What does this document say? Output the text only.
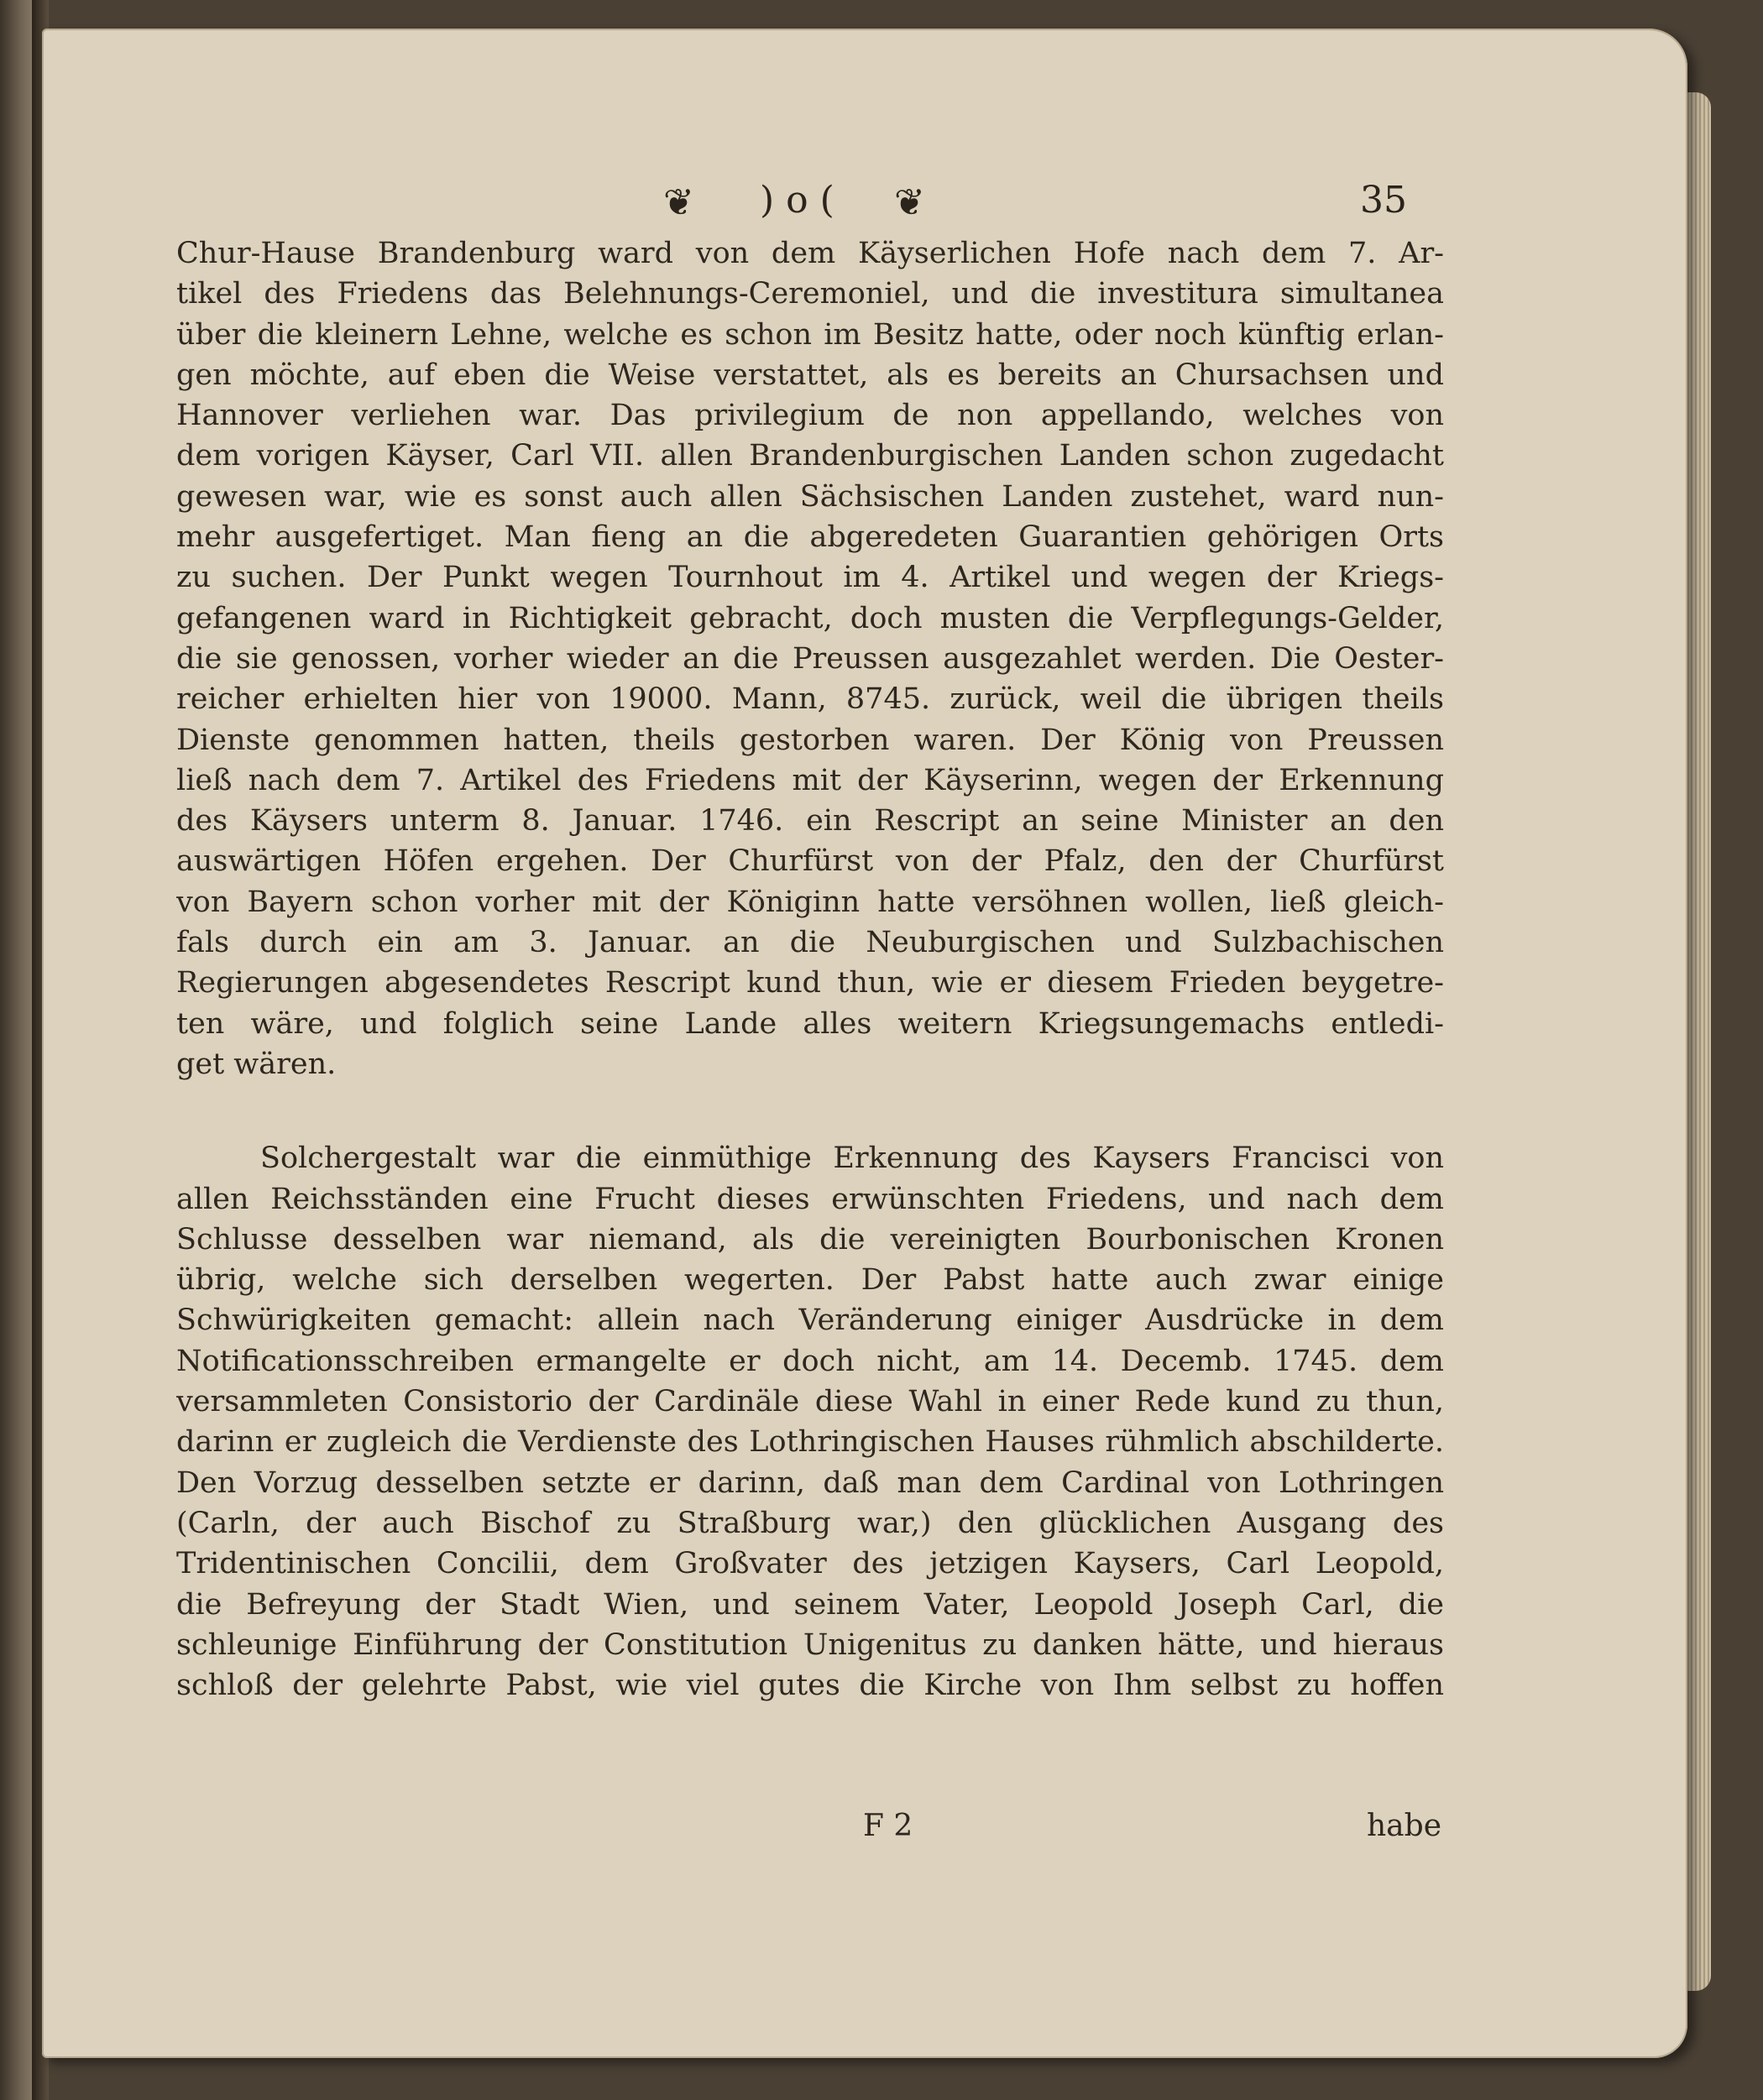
❦ )o( ❦	35
Chur-Hause Brandenburg ward von dem Käyserlichen Hofe nach dem 7. Ar-
tikel des Friedens das Belehnungs-Ceremoniel, und die investitura simultanea
über die kleinern Lehne, welche es schon im Besitz hatte, oder noch künftig erlan-
gen möchte, auf eben die Weise verstattet, als es bereits an Chursachsen und
Hannover verliehen war. Das privilegium de non appellando, welches von
dem vorigen Käyser, Carl VII. allen Brandenburgischen Landen schon zugedacht
gewesen war, wie es sonst auch allen Sächsischen Landen zustehet, ward nun-
mehr ausgefertiget. Man fieng an die abgeredeten Guarantien gehörigen Orts
zu suchen. Der Punkt wegen Tournhout im 4. Artikel und wegen der Kriegs-
gefangenen ward in Richtigkeit gebracht, doch musten die Verpflegungs-Gelder,
die sie genossen, vorher wieder an die Preussen ausgezahlet werden. Die Oester-
reicher erhielten hier von 19000. Mann, 8745. zurück, weil die übrigen theils
Dienste genommen hatten, theils gestorben waren. Der König von Preussen
ließ nach dem 7. Artikel des Friedens mit der Käyserinn, wegen der Erkennung
des Käysers unterm 8. Januar. 1746. ein Rescript an seine Minister an den
auswärtigen Höfen ergehen. Der Churfürst von der Pfalz, den der Churfürst
von Bayern schon vorher mit der Königinn hatte versöhnen wollen, ließ gleich-
fals durch ein am 3. Januar. an die Neuburgischen und Sulzbachischen
Regierungen abgesendetes Rescript kund thun, wie er diesem Frieden beygetre-
ten wäre, und folglich seine Lande alles weitern Kriegsungemachs entledi-
get wären.
Solchergestalt war die einmüthige Erkennung des Kaysers Francisci von
allen Reichsständen eine Frucht dieses erwünschten Friedens, und nach dem
Schlusse desselben war niemand, als die vereinigten Bourbonischen Kronen
übrig, welche sich derselben wegerten. Der Pabst hatte auch zwar einige
Schwürigkeiten gemacht: allein nach Veränderung einiger Ausdrücke in dem
Notificationsschreiben ermangelte er doch nicht, am 14. Decemb. 1745. dem
versammleten Consistorio der Cardinäle diese Wahl in einer Rede kund zu thun,
darinn er zugleich die Verdienste des Lothringischen Hauses rühmlich abschilderte.
Den Vorzug desselben setzte er darinn, daß man dem Cardinal von Lothringen
(Carln, der auch Bischof zu Straßburg war,) den glücklichen Ausgang des
Tridentinischen Concilii, dem Großvater des jetzigen Kaysers, Carl Leopold,
die Befreyung der Stadt Wien, und seinem Vater, Leopold Joseph Carl, die
schleunige Einführung der Constitution Unigenitus zu danken hätte, und hieraus
schloß der gelehrte Pabst, wie viel gutes die Kirche von Ihm selbst zu hoffen
F 2	habe
